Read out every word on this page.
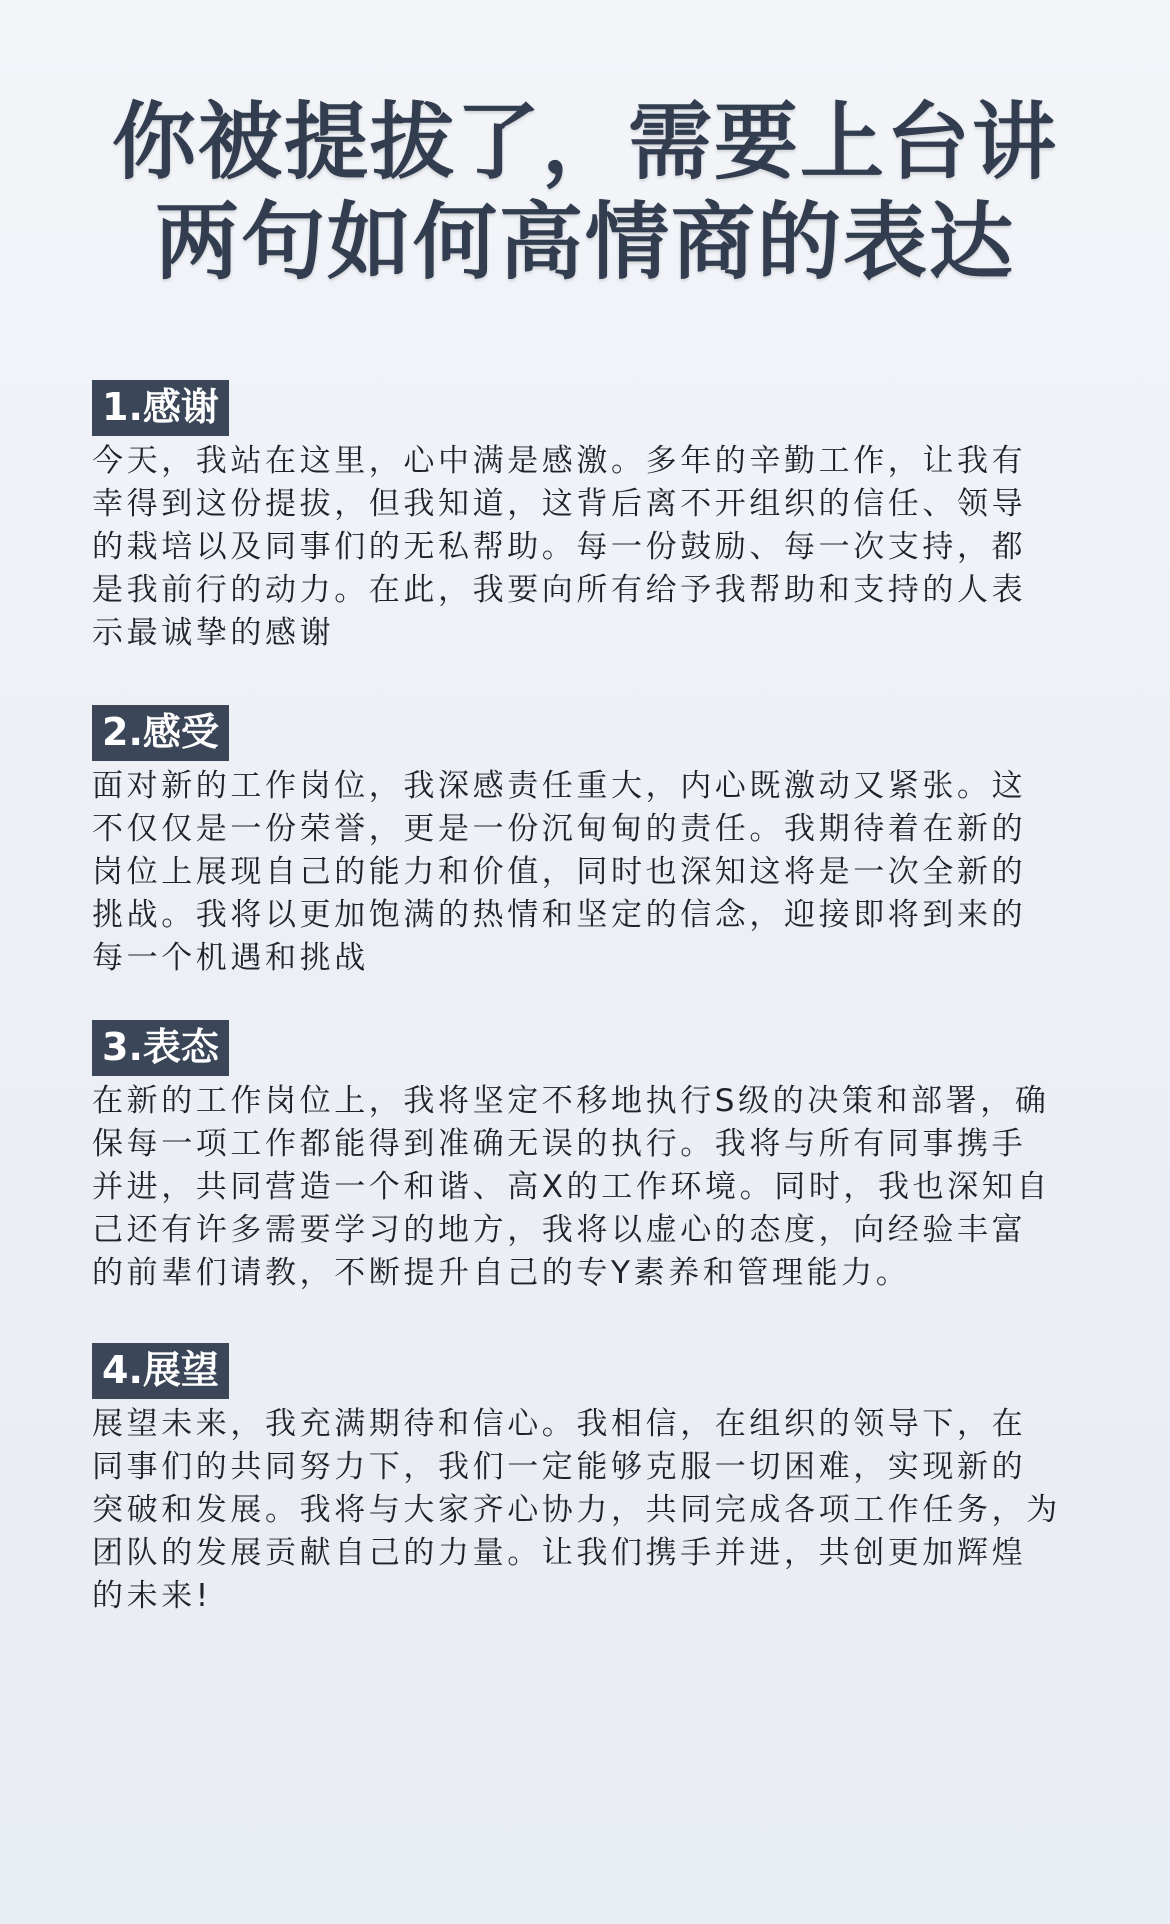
你被提拔了，需要上台讲
两句如何高情商的表达
1.感谢
今天，我站在这里，心中满是感激。多年的辛勤工作，让我有
幸得到这份提拔，但我知道，这背后离不开组织的信任、领导
的栽培以及同事们的无私帮助。每一份鼓励、每一次支持，都
是我前行的动力。在此，我要向所有给予我帮助和支持的人表
示最诚挚的感谢
2.感受
面对新的工作岗位，我深感责任重大，内心既激动又紧张。这
不仅仅是一份荣誉，更是一份沉甸甸的责任。我期待着在新的
岗位上展现自己的能力和价值，同时也深知这将是一次全新的
挑战。我将以更加饱满的热情和坚定的信念，迎接即将到来的
每一个机遇和挑战
3.表态
在新的工作岗位上，我将坚定不移地执行S级的决策和部署，确
保每一项工作都能得到准确无误的执行。我将与所有同事携手
并进，共同营造一个和谐、高X的工作环境。同时，我也深知自
己还有许多需要学习的地方，我将以虚心的态度，向经验丰富
的前辈们请教，不断提升自己的专Y素养和管理能力。
4.展望
展望未来，我充满期待和信心。我相信，在组织的领导下，在
同事们的共同努力下，我们一定能够克服一切困难，实现新的
突破和发展。我将与大家齐心协力，共同完成各项工作任务，为
团队的发展贡献自己的力量。让我们携手并进，共创更加辉煌
的未来!
